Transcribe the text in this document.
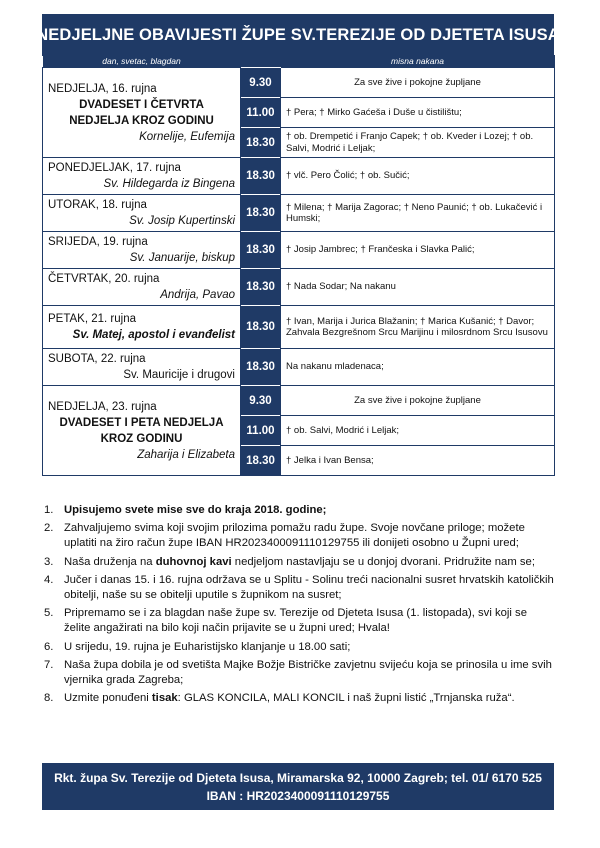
NEDJELJNE OBAVIJESTI ŽUPE SV.TEREZIJE OD DJETETA ISUSA
dan, svetac, blagdan		misna nakana

NEDJELJA, 16. rujna
DVADESET I ČETVRTA
NEDJELJA KROZ GODINU
Kornelije, Eufemija	9.30	Za sve žive i pokojne župljane
	11.00	† Pera; † Mirko Gaćeša i Duše u čistilištu;
	18.30	† ob. Drempetić i Franjo Capek; † ob. Kveder i Lozej; † ob. Salvi, Modrić i Leljak;

PONEDJELJAK, 17. rujna
Sv. Hildegarda iz Bingena	18.30	† vlč. Pero Čolić; † ob. Sučić;

UTORAK, 18. rujna
Sv. Josip Kupertinski	18.30	† Milena; † Marija Zagorac; † Neno Paunić; † ob. Lukačević i Humski;

SRIJEDA, 19. rujna
Sv. Januarije, biskup	18.30	† Josip Jambrec; † Frančeska i Slavka Palić;

ČETVRTAK, 20. rujna
Andrija, Pavao	18.30	† Nada Sodar; Na nakanu

PETAK, 21. rujna
Sv. Matej, apostol i evanđelist	18.30	† Ivan, Marija i Jurica Blažanin; † Marica Kušanić; † Davor; Zahvala Bezgrešnom Srcu Marijinu i milosrdnom Srcu Isusovu

SUBOTA, 22. rujna
Sv. Mauricije i drugovi	18.30	Na nakanu mladenaca;

NEDJELJA, 23. rujna
DVADESET I PETA NEDJELJA
KROZ GODINU
Zaharija i Elizabeta	9.30	Za sve žive i pokojne župljane
	11.00	† ob. Salvi, Modrić i Leljak;
	18.30	† Jelka i Ivan Bensa;
1. Upisujemo svete mise sve do kraja 2018. godine;
2. Zahvaljujemo svima koji svojim prilozima pomažu radu župe. Svoje novčane priloge; možete uplatiti na žiro račun župe IBAN HR2023400091110129755 ili donijeti osobno u Župni ured;
3. Naša druženja na duhovnoj kavi nedjeljom nastavljaju se u donjoj dvorani. Pridružite nam se;
4. Jučer i danas 15. i 16. rujna održava se u Splitu - Solinu treći nacionalni susret hrvatskih katoličkih obitelji, naše su se obitelji uputile s župnikom na susret;
5. Pripremamo se i za blagdan naše župe sv. Terezije od Djeteta Isusa (1. listopada), svi koji se želite angažirati na bilo koji način prijavite se u župni ured; Hvala!
6. U srijedu, 19. rujna je Euharistijsko klanjanje u 18.00 sati;
7. Naša župa dobila je od svetišta Majke Božje Bistričke zavjetnu svijeću koja se prinosila u ime svih vjernika grada Zagreba;
8. Uzmite ponuđeni tisak: GLAS KONCILA, MALI KONCIL i naš župni listić „Trnjanska ruža“.
Rkt. župa Sv. Terezije od Djeteta Isusa, Miramarska 92, 10000 Zagreb; tel. 01/ 6170 525
IBAN : HR2023400091110129755
